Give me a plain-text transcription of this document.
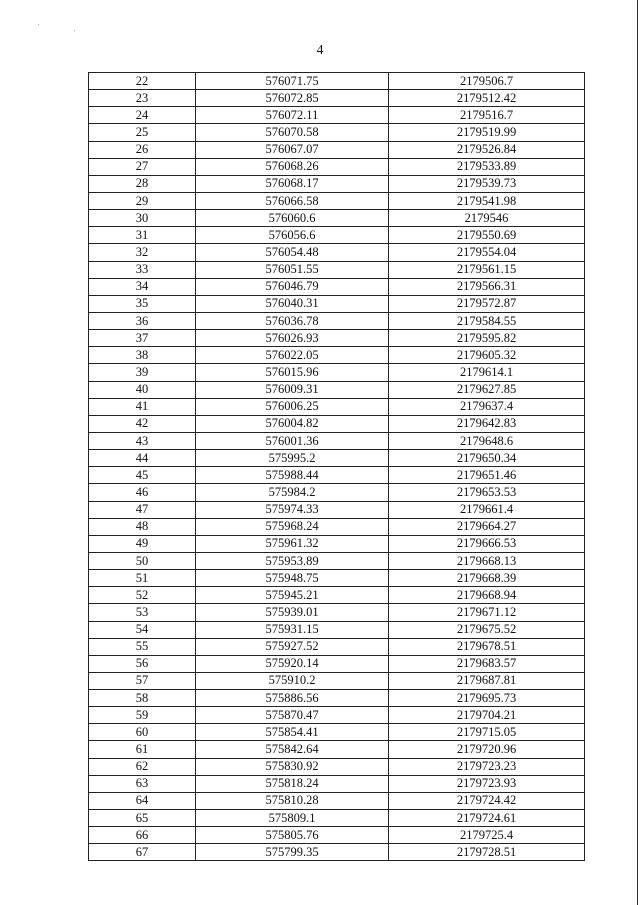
'
'
4
22	576071.75	2179506.7
23	576072.85	2179512.42
24	576072.11	2179516.7
25	576070.58	2179519.99
26	576067.07	2179526.84
27	576068.26	2179533.89
28	576068.17	2179539.73
29	576066.58	2179541.98
30	576060.6	2179546
31	576056.6	2179550.69
32	576054.48	2179554.04
33	576051.55	2179561.15
34	576046.79	2179566.31
35	576040.31	2179572.87
36	576036.78	2179584.55
37	576026.93	2179595.82
38	576022.05	2179605.32
39	576015.96	2179614.1
40	576009.31	2179627.85
41	576006.25	2179637.4
42	576004.82	2179642.83
43	576001.36	2179648.6
44	575995.2	2179650.34
45	575988.44	2179651.46
46	575984.2	2179653.53
47	575974.33	2179661.4
48	575968.24	2179664.27
49	575961.32	2179666.53
50	575953.89	2179668.13
51	575948.75	2179668.39
52	575945.21	2179668.94
53	575939.01	2179671.12
54	575931.15	2179675.52
55	575927.52	2179678.51
56	575920.14	2179683.57
57	575910.2	2179687.81
58	575886.56	2179695.73
59	575870.47	2179704.21
60	575854.41	2179715.05
61	575842.64	2179720.96
62	575830.92	2179723.23
63	575818.24	2179723.93
64	575810.28	2179724.42
65	575809.1	2179724.61
66	575805.76	2179725.4
67	575799.35	2179728.51
